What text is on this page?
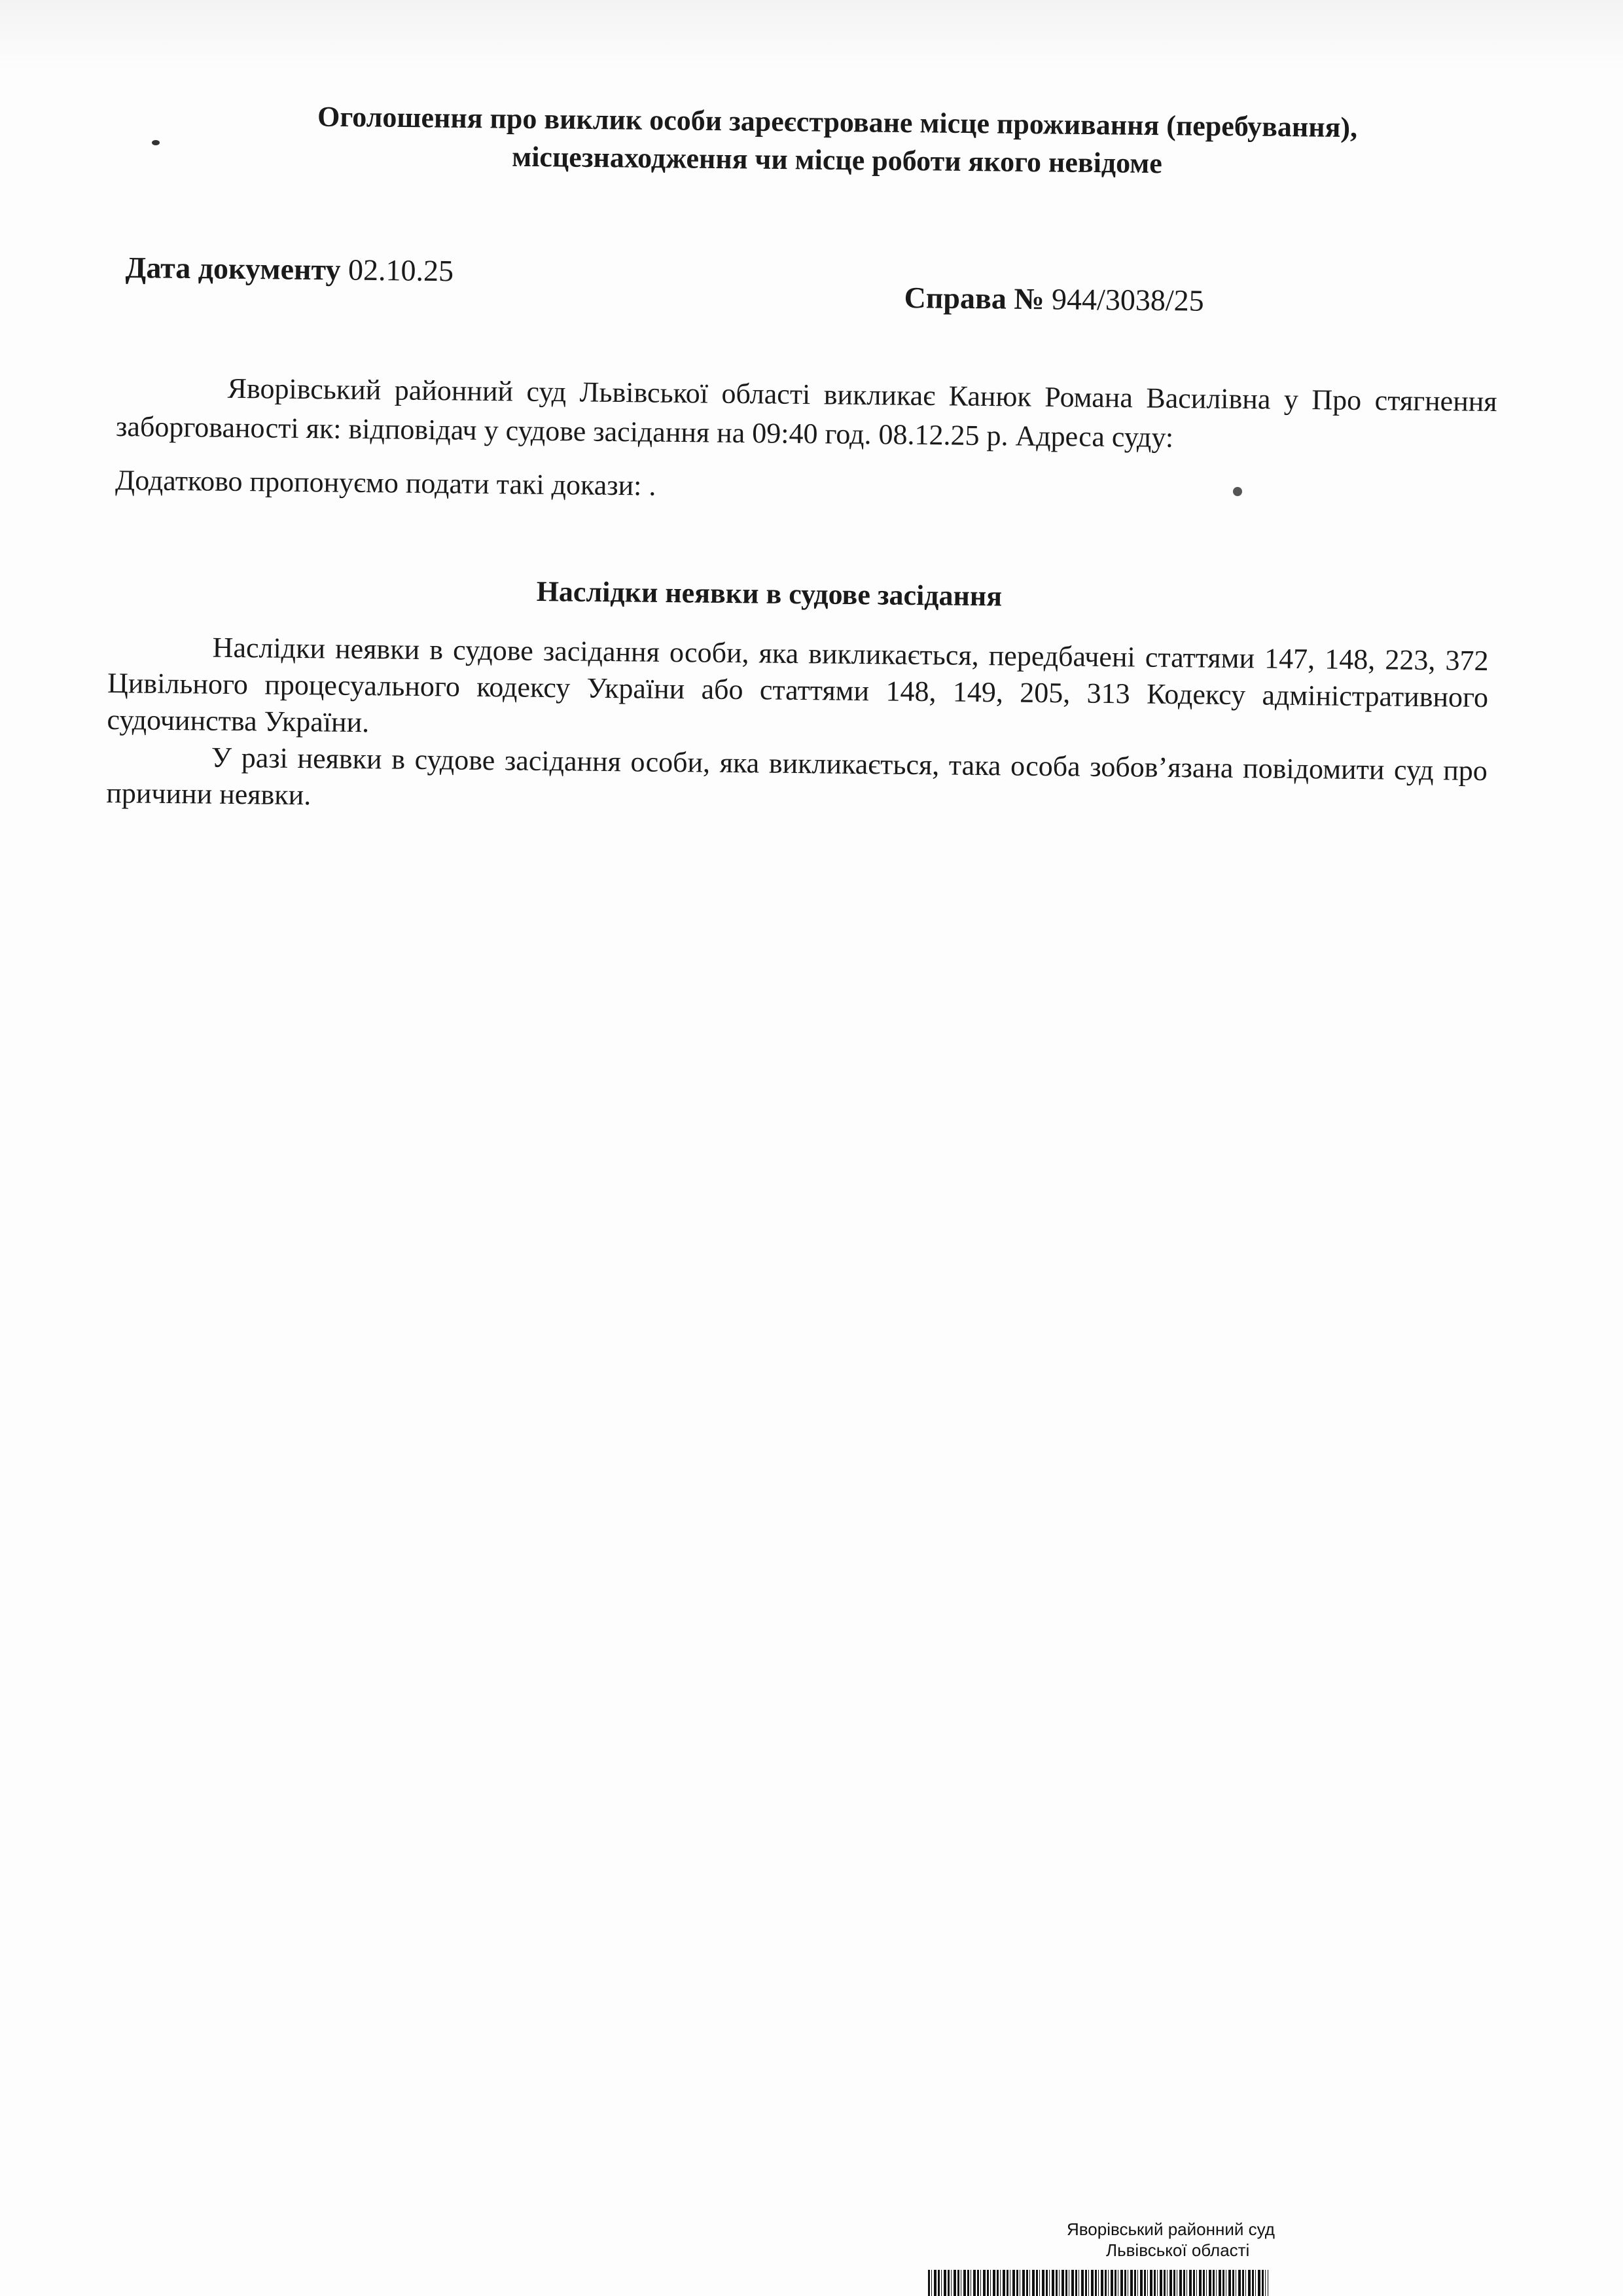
Оголошення про виклик особи зареєстроване місце проживання (перебування),
місцезнаходження чи місце роботи якого невідоме
Дата документу 02.10.25
Справа № 944/3038/25

Яворівський районний суд Львівської області викликає Канюк Романа Василівна у Про стягнення заборгованості як: відповідач у судове засідання на 09:40 год. 08.12.25 р. Адреса суду:

Додатково пропонуємо подати такі докази: .

Наслідки неявки в судове засідання

Наслідки неявки в судове засідання особи, яка викликається, передбачені статтями 147, 148, 223, 372 Цивільного процесуального кодексу України або статтями 148, 149, 205, 313 Кодексу адміністративного судочинства України.

У разі неявки в судове засідання особи, яка викликається, така особа зобов’язана повідомити суд про причини неявки.

Яворівський районний суд
Львівської області
